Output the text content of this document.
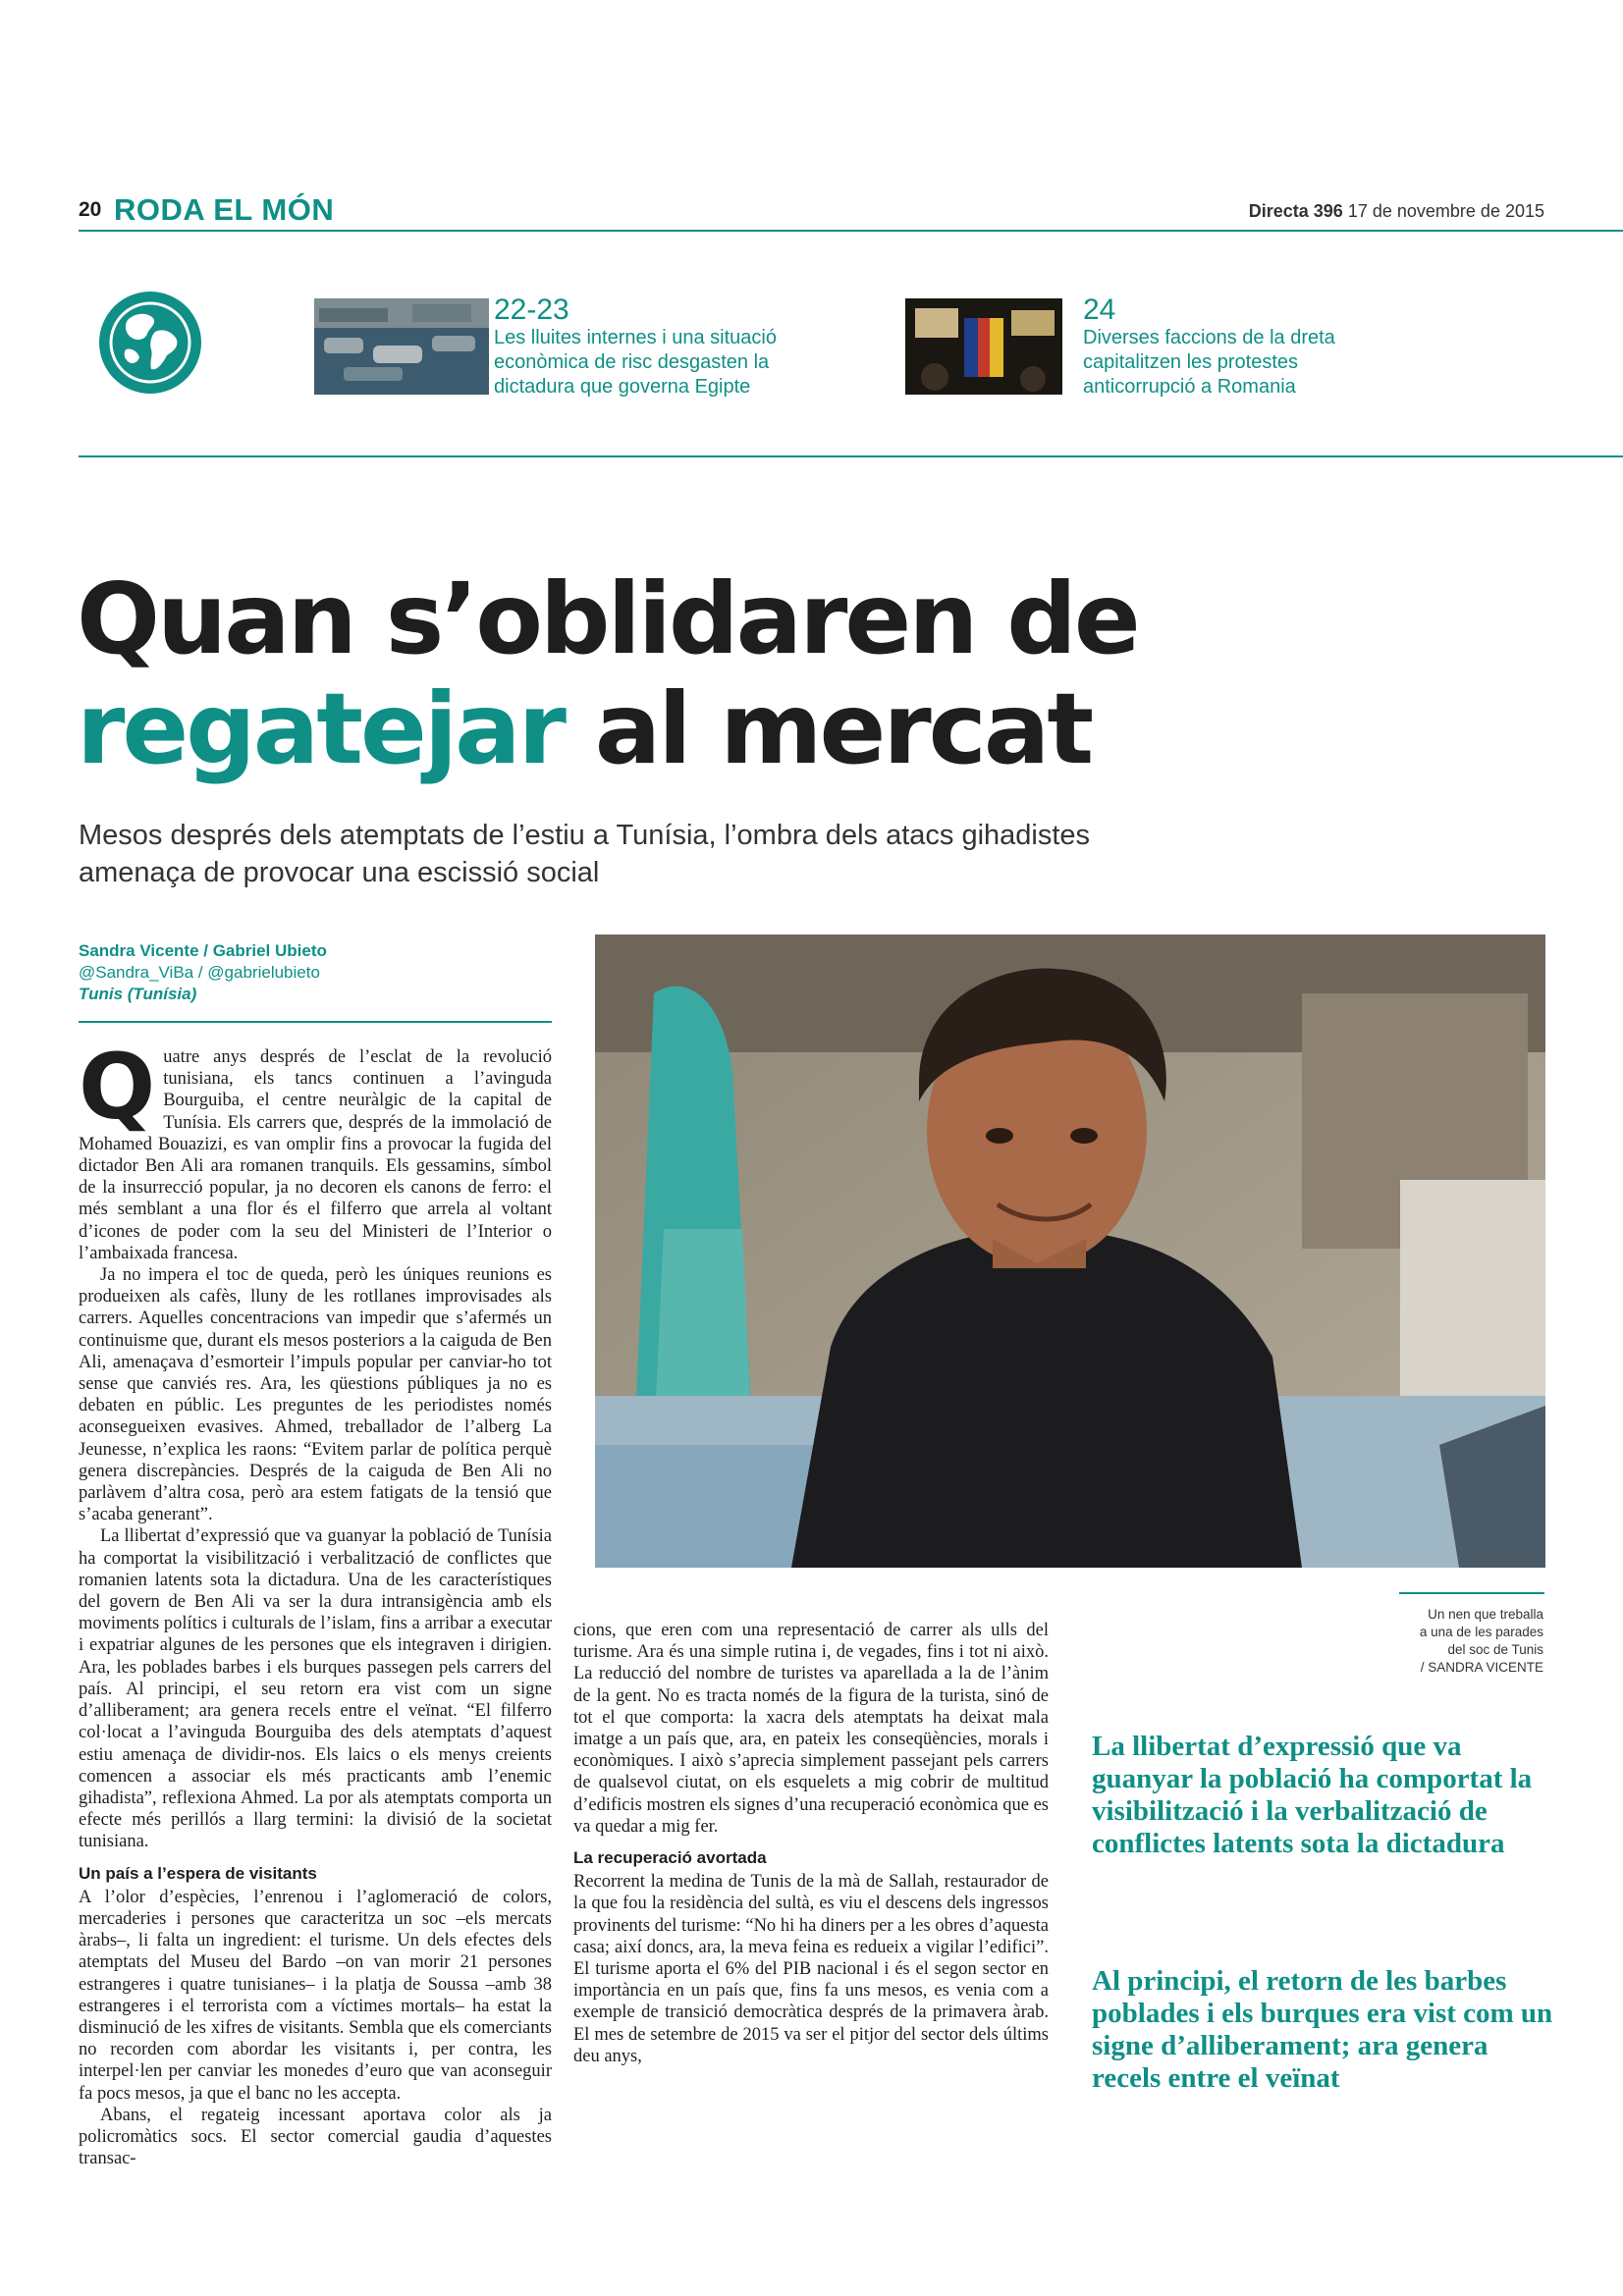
20 RODA EL MÓN	Directa 396 17 de novembre de 2015
22-23
Les lluites internes i una situació econòmica de risc desgasten la dictadura que governa Egipte
24
Diverses faccions de la dreta capitalitzen les protestes anticorrupció a Romania
Quan s’oblidaren de
regatejar al mercat
Mesos després dels atemptats de l’estiu a Tunísia, l’ombra dels atacs gihadistes amenaça de provocar una escissió social
Sandra Vicente / Gabriel Ubieto
@Sandra_ViBa / @gabrielubieto
Tunis (Tunísia)

Quatre anys després de l’esclat de la revolució tunisiana, els tancs continuen a l’avinguda Bourguiba, el centre neuràlgic de la capital de Tunísia. Els carrers que, després de la immolació de Mohamed Bouazizi, es van omplir fins a provocar la fugida del dictador Ben Ali ara romanen tranquils. Els gessamins, símbol de la insurrecció popular, ja no decoren els canons de ferro: el més semblant a una flor és el filferro que arrela al voltant d’icones de poder com la seu del Ministeri de l’Interior o l’ambaixada francesa.

Ja no impera el toc de queda, però les úniques reunions es produeixen als cafès, lluny de les rotllanes improvisades als carrers. Aquelles concentracions van impedir que s’afermés un continuisme que, durant els mesos posteriors a la caiguda de Ben Ali, amenaçava d’esmorteir l’impuls popular per canviar-ho tot sense que canviés res. Ara, les qüestions públiques ja no es debaten en públic. Les preguntes de les periodistes només aconsegueixen evasives. Ahmed, treballador de l’alberg La Jeunesse, n’explica les raons: “Evitem parlar de política perquè genera discrepàncies. Després de la caiguda de Ben Ali no parlàvem d’altra cosa, però ara estem fatigats de la tensió que s’acaba generant”.

La llibertat d’expressió que va guanyar la població de Tunísia ha comportat la visibilització i verbalització de conflictes que romanien latents sota la dictadura. Una de les característiques del govern de Ben Ali va ser la dura intransigència amb els moviments polítics i culturals de l’islam, fins a arribar a executar i expatriar algunes de les persones que els integraven i dirigien. Ara, les poblades barbes i els burques passegen pels carrers del país. Al principi, el seu retorn era vist com un signe d’alliberament; ara genera recels entre el veïnat. “El filferro col·locat a l’avinguda Bourguiba des dels atemptats d’aquest estiu amenaça de dividir-nos. Els laics o els menys creients comencen a associar els més practicants amb l’enemic gihadista”, reflexiona Ahmed. La por als atemptats comporta un efecte més perillós a llarg termini: la divisió de la societat tunisiana.

Un país a l’espera de visitants

A l’olor d’espècies, l’enrenou i l’aglomeració de colors, mercaderies i persones que caracteritza un soc –els mercats àrabs–, li falta un ingredient: el turisme. Un dels efectes dels atemptats del Museu del Bardo –on van morir 21 persones estrangeres i quatre tunisianes– i la platja de Soussa –amb 38 estrangeres i el terrorista com a víctimes mortals– ha estat la disminució de les xifres de visitants. Sembla que els comerciants no recorden com abordar les visitants i, per contra, les interpel·len per canviar les monedes d’euro que van aconseguir fa pocs mesos, ja que el banc no les accepta.

Abans, el regateig incessant aportava color als ja policromàtics socs. El sector comercial gaudia d’aquestes transac-

Un nen que treballa
a una de les parades
del soc de Tunis
/ SANDRA VICENTE

cions, que eren com una representació de carrer als ulls del turisme. Ara és una simple rutina i, de vegades, fins i tot ni això. La reducció del nombre de turistes va aparellada a la de l’ànim de la gent. No es tracta només de la figura de la turista, sinó de tot el que comporta: la xacra dels atemptats ha deixat mala imatge a un país que, ara, en pateix les conseqüències, morals i econòmiques. I això s’aprecia simplement passejant pels carrers de qualsevol ciutat, on els esquelets a mig cobrir de multitud d’edificis mostren els signes d’una recuperació econòmica que es va quedar a mig fer.

La recuperació avortada

Recorrent la medina de Tunis de la mà de Sallah, restaurador de la que fou la residència del sultà, es viu el descens dels ingressos provinents del turisme: “No hi ha diners per a les obres d’aquesta casa; així doncs, ara, la meva feina es redueix a vigilar l’edifici”. El turisme aporta el 6% del PIB nacional i és el segon sector en importància en un país que, fins fa uns mesos, es venia com a exemple de transició democràtica després de la primavera àrab. El mes de setembre de 2015 va ser el pitjor del sector dels últims deu anys,

La llibertat d’expressió que va guanyar la població ha comportat la visibilització i la verbalització de conflictes latents sota la dictadura
Al principi, el retorn de les barbes poblades i els burques era vist com un signe d’alliberament; ara genera recels entre el veïnat
